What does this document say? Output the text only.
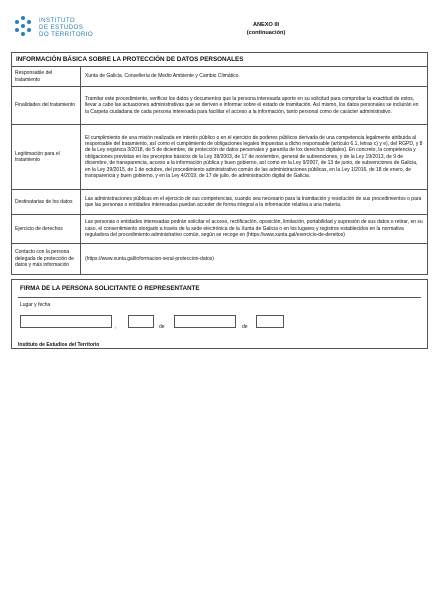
INSTITUTO
DE ESTUDOS
DO TERRITORIO
ANEXO III
(continuación)
INFORMACIÓN BÁSICA SOBRE LA PROTECCIÓN DE DATOS PERSONALES
Responsable del tratamiento
Xunta de Galicia. Consellería de Medio Ambiente y Cambio Climático.
Finalidades del tratamiento
Tramitar este procedimiento, verificar los datos y documentos que la persona interesada aporte en su solicitud para comprobar la exactitud de estos, llevar a cabo las actuaciones administrativas que se deriven e informar sobre el estado de tramitación. Así mismo, los datos personales se incluirán en la Carpeta ciudadana de cada persona interesada para facilitar el acceso a la información, tanto personal como de carácter administrativo.
Legitimación para el tratamiento
El cumplimiento de una misión realizada en interés público o en el ejercicio de poderes públicos derivada de una competencia legalmente atribuida al responsable del tratamiento, así como el cumplimiento de obligaciones legales impuestas a dicho responsable (artículo 6.1, letras c) y e), del RGPD, y 8 de la Ley orgánica 3/2018, de 5 de diciembre, de protección de datos personales y garantía de los derechos digitales). En concreto, la competencia y obligaciones previstas en los preceptos básicos de la Ley 38/2003, de 17 de noviembre, general de subvenciones, y de la Ley 19/2013, de 9 de diciembre, de transparencia, acceso a la información pública y buen gobierno, así como en la Ley 9/2007, de 13 de junio, de subvenciones de Galicia, en la Ley 39/2015, de 1 de octubre, del procedimiento administrativo común de las administraciones públicas, en la Ley 1/2016, de 18 de enero, de transparencia y buen gobierno, y en la Ley 4/2019, de 17 de julio, de administración digital de Galicia.
Destinatarias de los datos
Las administraciones públicas en el ejercicio de sus competencias, cuando sea necesario para la tramitación y resolución de sus procedimientos o para que las personas o entidades interesadas puedan acceder de forma integral a la información relativa a una materia.
Ejercicio de derechos
Las personas o entidades interesadas podrán solicitar el acceso, rectificación, oposición, limitación, portabilidad y supresión de sus datos o retirar, en su caso, el consentimiento otorgado a través de la sede electrónica de la Xunta de Galicia o en los lugares y registros establecidos en la normativa reguladora del procedimiento administrativo común, según se recoge en (https://www.xunta.gal/exercicio-de-dereitos)
Contacto con la persona delegada de protección de datos y más información
(https://www.xunta.gal/informacion-xeral-proteccion-datos)
FIRMA DE LA PERSONA SOLICITANTE O REPRESENTANTE
Lugar y fecha
,	de	de
Instituto de Estudios del Territorio
